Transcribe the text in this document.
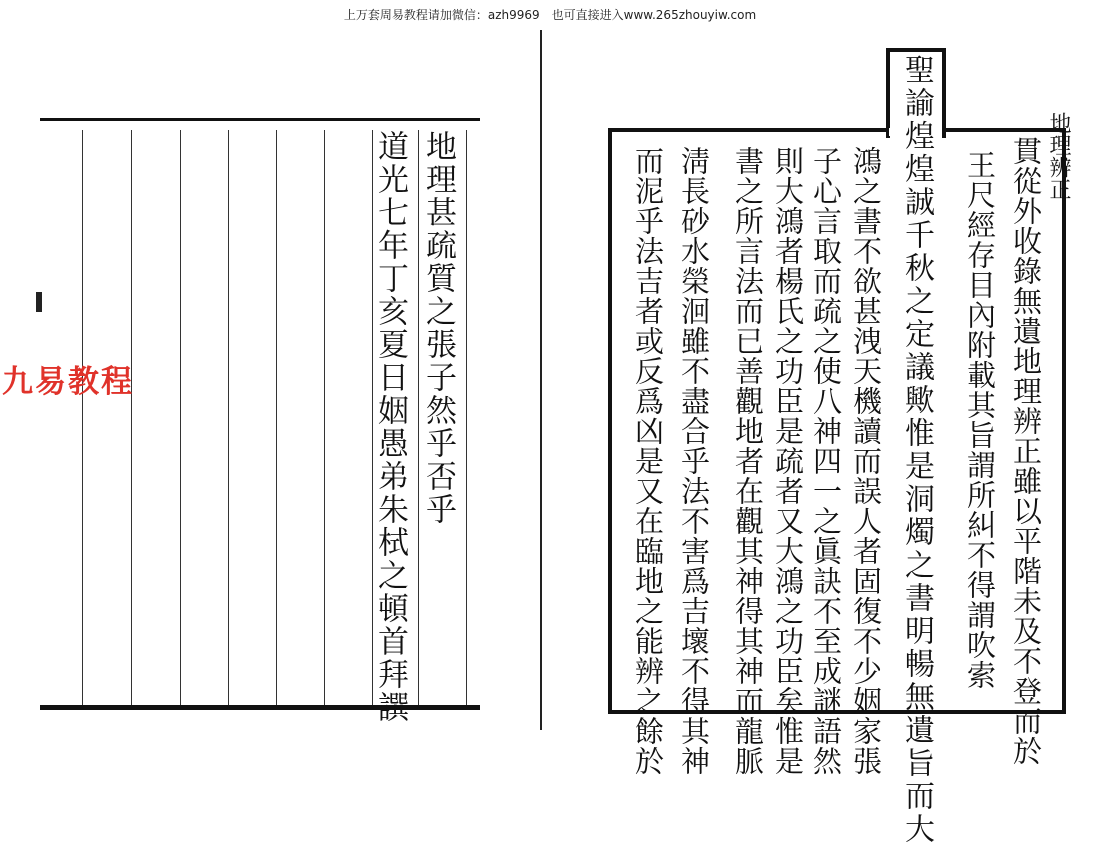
上万套周易教程请加微信：azh9969　也可直接进入www.265zhouyiw.com
地理甚疏質之張子然乎否乎
道光七年丁亥夏日姻愚弟朱栻之頓首拜譔
九易教程	聖諭煌煌誠千秋之定議歟惟是洞燭之書明暢無遺旨而大	貫從外收錄無遺地理辨正雖以平階未及不登而於
王尺經存目內附載其旨謂所糾不得謂吹索
鴻之書不欲甚洩天機讀而誤人者固復不少姻家張
子心言取而疏之使八神四一之眞訣不至成謎語然
則大鴻者楊氏之功臣是疏者又大鴻之功臣矣惟是
書之所言法而已善觀地者在觀其神得其神而龍脈
淸長砂水榮洄雖不盡合乎法不害爲吉壞不得其神
而泥乎法吉者或反爲凶是又在臨地之能辨之餘於	地理辨正
